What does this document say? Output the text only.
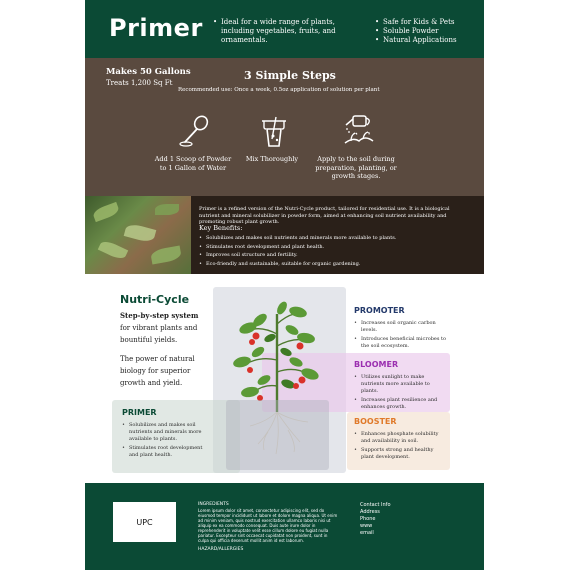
Primer
•	Ideal for a wide range of plants, including vegetables, fruits, and ornamentals.
• Safe for Kids & Pets
• Soluble Powder
• Natural Applications
Makes 50 Gallons
Treats 1,200 Sq Ft
3 Simple Steps
Recommended use: Once a week, 0.5oz application of solution per plant
Add 1 Scoop of Powder to 1 Gallon of Water
Mix Thoroughly	Apply to the soil during preparation, planting, or growth stages.
Primer is a refined version of the Nutri-Cycle product, tailored for residential use. It is a biological nutrient and mineral solubilizer in powder form, aimed at enhancing soil nutrient availability and promoting robust plant growth.
Key Benefits:
• Solubilizes and makes soil nutrients and minerals more available to plants.
• Stimulates root development and plant health.
• Improves soil structure and fertility.
• Eco-friendly and sustainable, suitable for organic gardening.
Nutri-Cycle
Step-by-step system
for vibrant plants and bountiful yields.
The power of natural biology for superior growth and yield.
PROMOTER
• Increases soil organic carbon levels.
• Introduces beneficial microbes to the soil ecosystem.
BLOOMER
• Utilizes sunlight to make nutrients more available to plants.
• Increases plant resilience and enhances growth.
BOOSTER
• Enhances phosphate solubility and availability in soil.
• Supports strong and healthy plant development.
PRIMER
• Solubilizes and makes soil nutrients and minerals more available to plants.
• Stimulates root development and plant health.
UPC
INGREDIENTS
Lorem ipsum dolor sit amet, consectetur adipiscing elit, sed do eiusmod tempor incididunt ut labore et dolore magna aliqua. Ut enim ad minim veniam, quis nostrud exercitation ullamco laboris nisi ut aliquip ex ea commodo consequat. Duis aute irure dolor in reprehenderit in voluptate velit esse cillum dolore eu fugiat nulla pariatur. Excepteur sint occaecat cupidatat non proident, sunt in culpa qui officia deserunt mollit anim id est laborum.
HAZARD/ALLERGIES
Contact Info
Address
Phone
www
email
